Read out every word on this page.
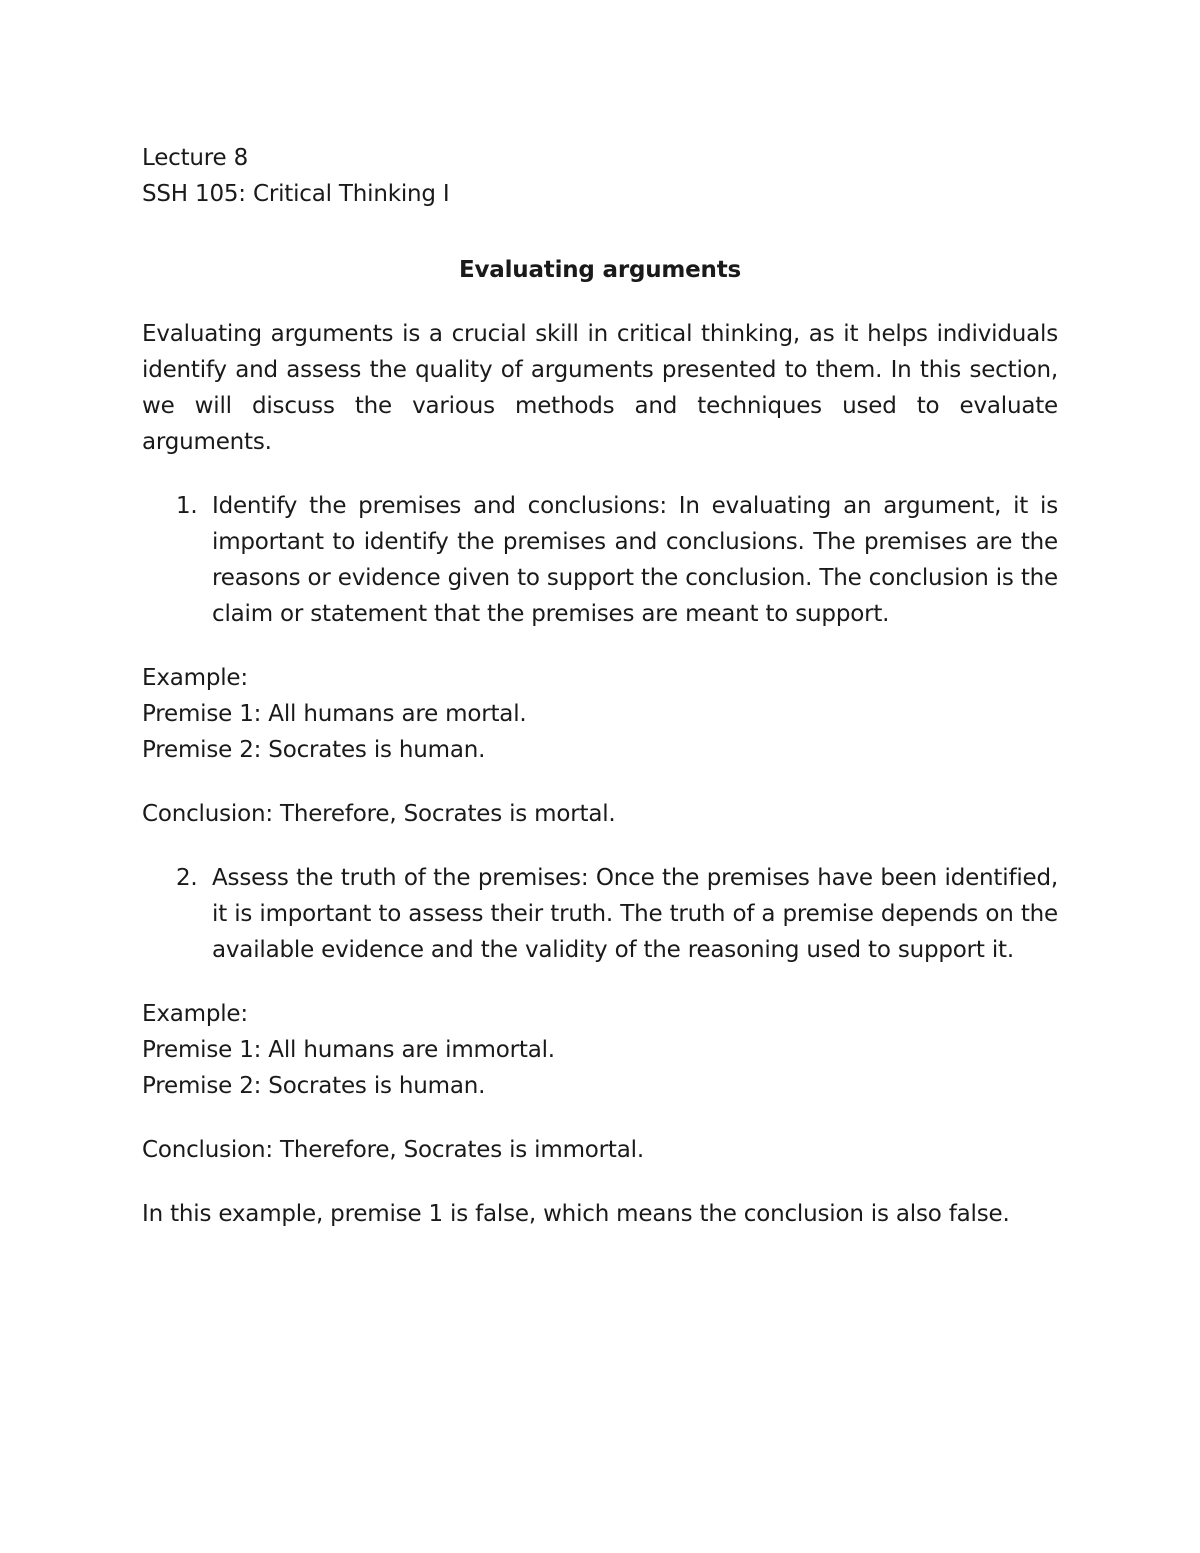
Lecture 8

SSH 105: Critical Thinking I

Evaluating arguments

Evaluating arguments is a crucial skill in critical thinking, as it helps individuals identify and assess the quality of arguments presented to them. In this section, we will discuss the various methods and techniques used to evaluate arguments.

1. Identify the premises and conclusions: In evaluating an argument, it is important to identify the premises and conclusions. The premises are the reasons or evidence given to support the conclusion. The conclusion is the claim or statement that the premises are meant to support.

Example:

Premise 1: All humans are mortal.

Premise 2: Socrates is human.

Conclusion: Therefore, Socrates is mortal.

2. Assess the truth of the premises: Once the premises have been identified, it is important to assess their truth. The truth of a premise depends on the available evidence and the validity of the reasoning used to support it.

Example:

Premise 1: All humans are immortal.

Premise 2: Socrates is human.

Conclusion: Therefore, Socrates is immortal.

In this example, premise 1 is false, which means the conclusion is also false.
